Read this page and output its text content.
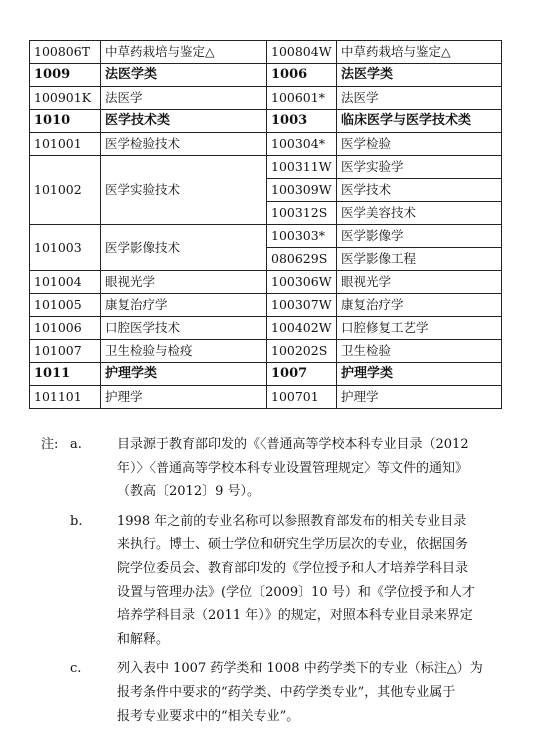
100806T	中草药栽培与鉴定△	100804W	中草药栽培与鉴定△
1009	法医学类	1006	法医学类
100901K	法医学	100601*	法医学
1010	医学技术类	1003	临床医学与医学技术类
101001	医学检验技术	100304*	医学检验
101002	医学实验技术	100311W	医学实验学
		100309W	医学技术
		100312S	医学美容技术
101003	医学影像技术	100303*	医学影像学
		080629S	医学影像工程
101004	眼视光学	100306W	眼视光学
101005	康复治疗学	100307W	康复治疗学
101006	口腔医学技术	100402W	口腔修复工艺学
101007	卫生检验与检疫	100202S	卫生检验
1011	护理学类	1007	护理学类
101101	护理学	100701	护理学
注: a.	目录源于教育部印发的《〈普通高等学校本科专业目录（2012
年）〉〈普通高等学校本科专业设置管理规定〉等文件的通知》
（教高〔2012〕9 号）。
b.	1998 年之前的专业名称可以参照教育部发布的相关专业目录
来执行。博士、硕士学位和研究生学历层次的专业，依据国务
院学位委员会、教育部印发的《学位授予和人才培养学科目录
设置与管理办法》(学位〔2009〕10 号）和《学位授予和人才
培养学科目录（2011 年）》的规定，对照本科专业目录来界定
和解释。
c.	列入表中 1007 药学类和 1008 中药学类下的专业（标注△）为
报考条件中要求的“药学类、中药学类专业”，其他专业属于
报考专业要求中的“相关专业”。
